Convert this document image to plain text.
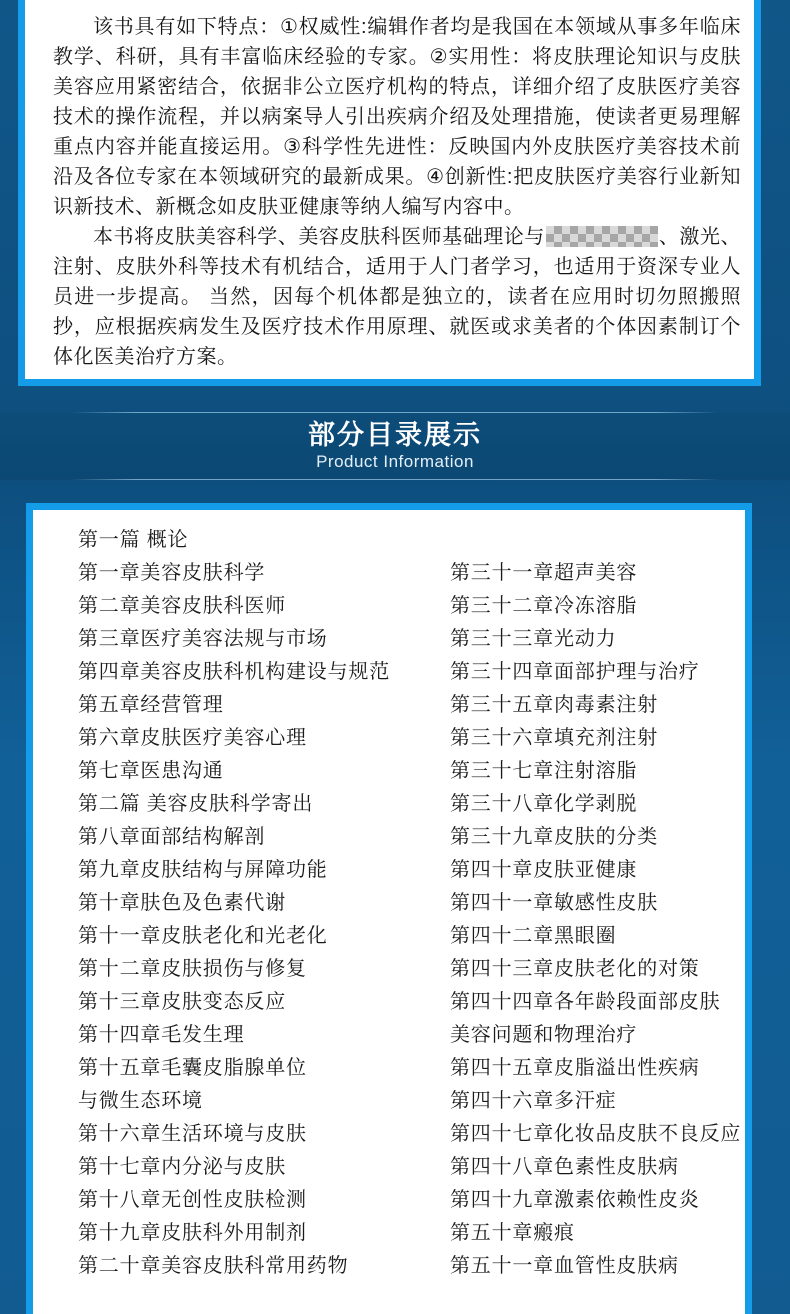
该书具有如下特点：①权威性:编辑作者均是我国在本领域从事多年临床教学、科研，具有丰富临床经验的专家。②实用性：将皮肤理论知识与皮肤美容应用紧密结合，依据非公立医疗机构的特点，详细介绍了皮肤医疗美容技术的操作流程，并以病案导人引出疾病介绍及处理措施，使读者更易理解重点内容并能直接运用。③科学性先进性：反映国内外皮肤医疗美容技术前沿及各位专家在本领域研究的最新成果。④创新性:把皮肤医疗美容行业新知识新技术、新概念如皮肤亚健康等纳人编写内容中。

本书将皮肤美容科学、美容皮肤科医师基础理论与	、激光、注射、皮肤外科等技术有机结合，适用于人门者学习，也适用于资深专业人员进一步提高。 当然，因每个机体都是独立的，读者在应用时切勿照搬照抄，应根据疾病发生及医疗技术作用原理、就医或求美者的个体因素制订个体化医美治疗方案。

部分目录展示
Product Information
第一篇 概论
第一章美容皮肤科学
第二章美容皮肤科医师
第三章医疗美容法规与市场
第四章美容皮肤科机构建设与规范
第五章经营管理
第六章皮肤医疗美容心理
第七章医患沟通
第二篇 美容皮肤科学寄出
第八章面部结构解剖
第九章皮肤结构与屏障功能
第十章肤色及色素代谢
第十一章皮肤老化和光老化
第十二章皮肤损伤与修复
第十三章皮肤变态反应
第十四章毛发生理
第十五章毛囊皮脂腺单位
与微生态环境
第十六章生活环境与皮肤
第十七章内分泌与皮肤
第十八章无创性皮肤检测
第十九章皮肤科外用制剂
第二十章美容皮肤科常用药物
第三十一章超声美容
第三十二章冷冻溶脂
第三十三章光动力
第三十四章面部护理与治疗
第三十五章肉毒素注射
第三十六章填充剂注射
第三十七章注射溶脂
第三十八章化学剥脱
第三十九章皮肤的分类
第四十章皮肤亚健康
第四十一章敏感性皮肤
第四十二章黑眼圈
第四十三章皮肤老化的对策
第四十四章各年龄段面部皮肤
美容问题和物理治疗
第四十五章皮脂溢出性疾病
第四十六章多汗症
第四十七章化妆品皮肤不良反应
第四十八章色素性皮肤病
第四十九章激素依赖性皮炎
第五十章瘢痕
第五十一章血管性皮肤病
